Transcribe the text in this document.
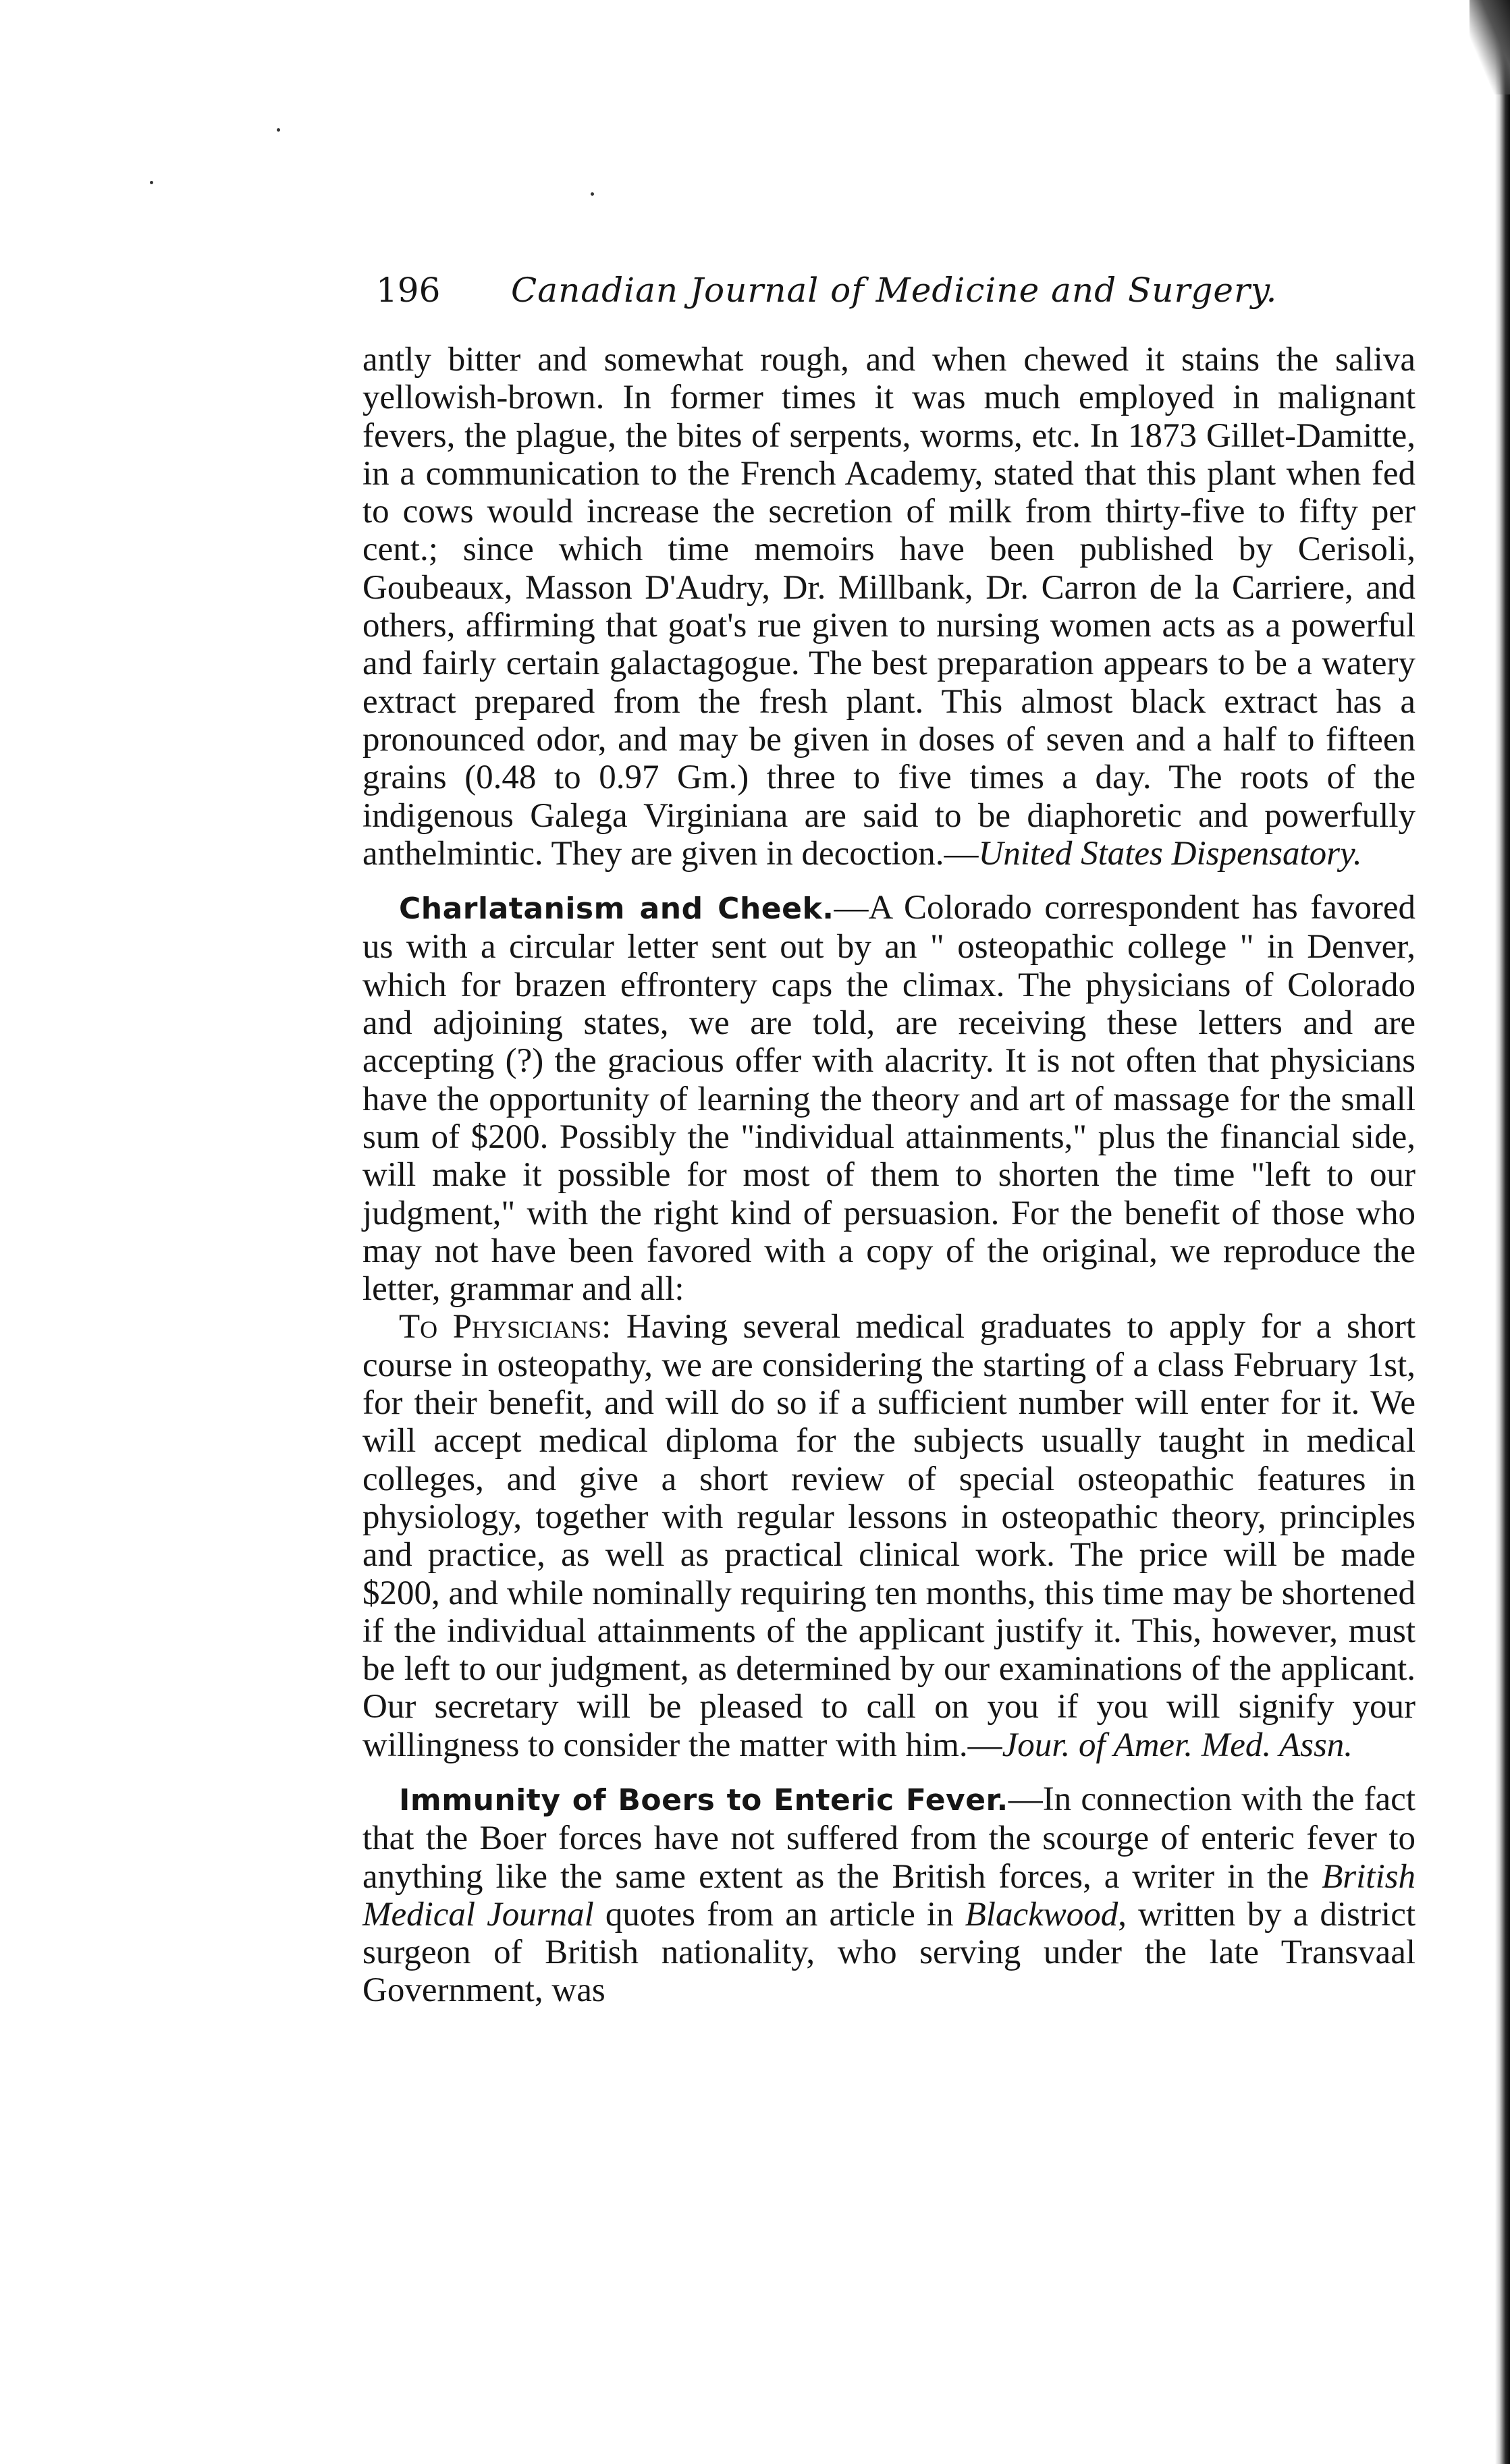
196 Canadian Journal of Medicine and Surgery.

antly bitter and somewhat rough, and when chewed it stains the saliva yellowish-brown. In former times it was much employed in malignant fevers, the plague, the bites of serpents, worms, etc. In 1873 Gillet-Damitte, in a communication to the French Academy, stated that this plant when fed to cows would increase the secretion of milk from thirty-five to fifty per cent.; since which time memoirs have been published by Cerisoli, Goubeaux, Masson D'Audry, Dr. Millbank, Dr. Carron de la Carriere, and others, affirming that goat's rue given to nursing women acts as a powerful and fairly certain galactagogue. The best preparation appears to be a watery extract prepared from the fresh plant. This almost black extract has a pronounced odor, and may be given in doses of seven and a half to fifteen grains (0.48 to 0.97 Gm.) three to five times a day. The roots of the indigenous Galega Virginiana are said to be diaphoretic and powerfully anthelmintic. They are given in decoction.—United States Dispensatory.

Charlatanism and Cheek.—A Colorado correspondent has favored us with a circular letter sent out by an " osteopathic college " in Denver, which for brazen effrontery caps the climax. The physicians of Colorado and adjoining states, we are told, are receiving these letters and are accepting (?) the gracious offer with alacrity. It is not often that physicians have the opportunity of learning the theory and art of massage for the small sum of $200. Possibly the "individual attainments," plus the financial side, will make it possible for most of them to shorten the time "left to our judgment," with the right kind of persuasion. For the benefit of those who may not have been favored with a copy of the original, we reproduce the letter, grammar and all:

To Physicians: Having several medical graduates to apply for a short course in osteopathy, we are considering the starting of a class February 1st, for their benefit, and will do so if a sufficient number will enter for it. We will accept medical diploma for the subjects usually taught in medical colleges, and give a short review of special osteopathic features in physiology, together with regular lessons in osteopathic theory, principles and practice, as well as practical clinical work. The price will be made $200, and while nominally requiring ten months, this time may be shortened if the individual attainments of the applicant justify it. This, however, must be left to our judgment, as determined by our examinations of the applicant. Our secretary will be pleased to call on you if you will signify your willingness to consider the matter with him.—Jour. of Amer. Med. Assn.

Immunity of Boers to Enteric Fever.—In connection with the fact that the Boer forces have not suffered from the scourge of enteric fever to anything like the same extent as the British forces, a writer in the British Medical Journal quotes from an article in Blackwood, written by a district surgeon of British nationality, who serving under the late Transvaal Government, was
